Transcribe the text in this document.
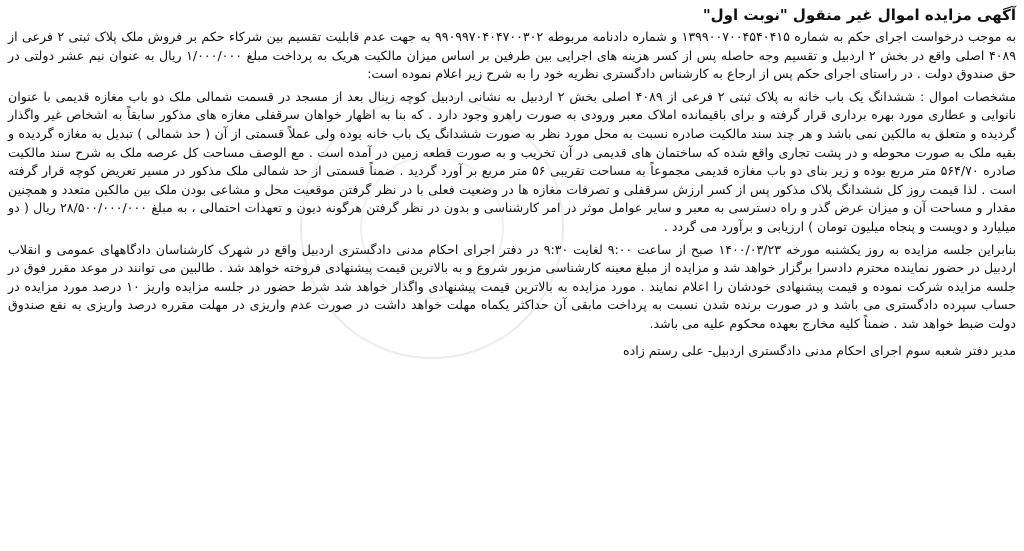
آگهی مزایده اموال غیر منقول "نوبت اول"

به موجب درخواست اجرای حکم به شماره ۱۳۹۹۰۰۷۰۰۴۵۴۰۴۱۵ و شماره دادنامه مربوطه ۹۹۰۹۹۷۰۴۰۴۷۰۰۳۰۲ به جهت عدم قابلیت تقسیم بین شرکاء حکم بر فروش ملک پلاک ثبتی ۲ فرعی از ۴۰۸۹ اصلی واقع در بخش ۲ اردبیل و تقسیم وجه حاصله پس از کسر هزینه های اجرایی بین طرفین بر اساس میزان مالکیت هریک به پرداخت مبلغ ۱/۰۰۰/۰۰۰ ریال به عنوان نیم عشر دولتی در حق صندوق دولت . در راستای اجرای حکم پس از ارجاع به کارشناس دادگستری نظریه خود را به شرح زیر اعلام نموده است:

مشخصات اموال : ششدانگ یک باب خانه به پلاک ثبتی ۲ فرعی از ۴۰۸۹ اصلی بخش ۲ اردبیل به نشانی اردبیل کوچه زینال بعد از مسجد در قسمت شمالی ملک دو باب مغازه قدیمی با عنوان نانوایی و عطاری مورد بهره برداری قرار گرفته و برای باقیمانده املاک معبر ورودی به صورت راهرو وجود دارد . که بنا به اظهار خواهان سرقفلی مغازه های مذکور سابقاً به اشخاص غیر واگذار گردیده و متعلق به مالکین نمی باشد و هر چند سند مالکیت صادره نسبت به محل مورد نظر به صورت ششدانگ یک باب خانه بوده ولی عملاً قسمتی از آن ( حد شمالی ) تبدیل به مغازه گردیده و بقیه ملک به صورت محوطه و در پشت تجاری واقع شده که ساختمان های قدیمی در آن تخریب و به صورت قطعه زمین در آمده است . مع الوصف مساحت کل عرصه ملک به شرح سند مالکیت صادره ۵۶۴/۷۰ متر مربع بوده و زیر بنای دو باب مغازه قدیمی مجموعاً به مساحت تقریبی ۵۶ متر مربع بر آورد گردید . ضمناً قسمتی از حد شمالی ملک مذکور در مسیر تعریض کوچه قرار گرفته است . لذا قیمت روز کل ششدانگ پلاک مذکور پس از کسر ارزش سرقفلی و تصرفات مغازه ها در وضعیت فعلی با در نظر گرفتن موقعیت محل و مشاعی بودن ملک بین مالکین متعدد و همچنین مقدار و مساحت آن و میزان عرض گذر و راه دسترسی به معبر و سایر عوامل موثر در امر کارشناسی و بدون در نظر گرفتن هرگونه دیون و تعهدات احتمالی ، به مبلغ ۲۸/۵۰۰/۰۰۰/۰۰۰ ریال ( دو میلیارد و دویست و پنجاه میلیون تومان ) ارزیابی و برآورد می گردد .

بنابراین جلسه مزایده به روز یکشنبه مورخه ۱۴۰۰/۰۳/۲۳ صبح از ساعت ۹:۰۰ لغایت ۹:۳۰ در دفتر اجرای احکام مدنی دادگستری اردبیل واقع در شهرک کارشناسان دادگاههای عمومی و انقلاب اردبیل در حضور نماینده محترم دادسرا برگزار خواهد شد و مزایده از مبلغ معینه کارشناسی مزبور شروع و به بالاترین قیمت پیشنهادی فروخته خواهد شد . طالبین می توانند در موعد مقرر فوق در جلسه مزایده شرکت نموده و قیمت پیشنهادی خودشان را اعلام نمایند . مورد مزایده به بالاترین قیمت پیشنهادی واگذار خواهد شد شرط حضور در جلسه مزایده واریز ۱۰ درصد مورد مزایده در حساب سپرده دادگستری می باشد و در صورت برنده شدن نسبت به پرداخت مابقی آن حداکثر یکماه مهلت خواهد داشت در صورت عدم واریزی در مهلت مقرره درصد واریزی به نفع صندوق دولت ضبط خواهد شد . ضمناً کلیه مخارج بعهده محکوم علیه می باشد.

مدیر دفتر شعبه سوم اجرای احکام مدنی دادگستری اردبیل- علی رستم زاده
